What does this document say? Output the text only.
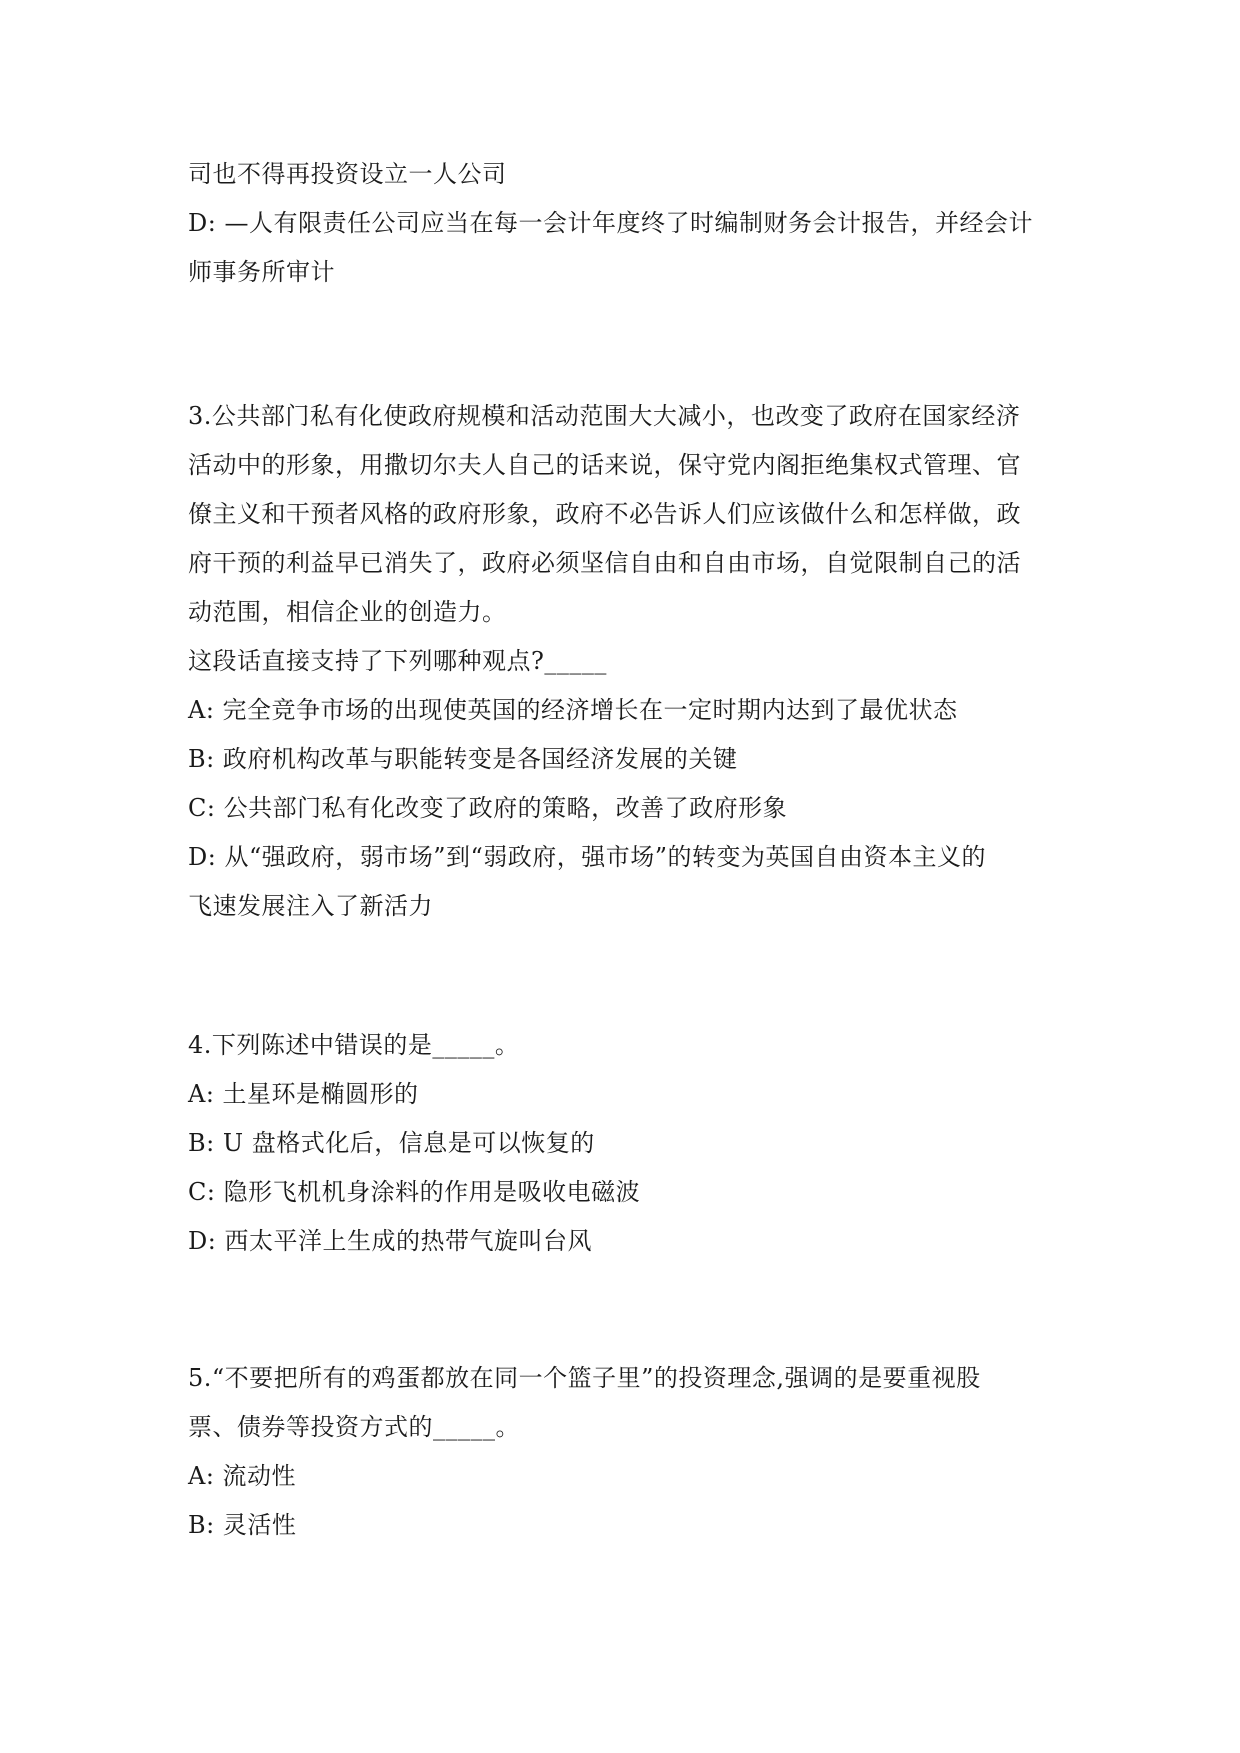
司也不得再投资设立一人公司
D: —人有限责任公司应当在每一会计年度终了时编制财务会计报告，并经会计
师事务所审计
3.公共部门私有化使政府规模和活动范围大大减小，也改变了政府在国家经济
活动中的形象，用撒切尔夫人自己的话来说，保守党内阁拒绝集权式管理、官
僚主义和干预者风格的政府形象，政府不必告诉人们应该做什么和怎样做，政
府干预的利益早已消失了，政府必须坚信自由和自由市场，自觉限制自己的活
动范围，相信企业的创造力。
这段话直接支持了下列哪种观点?_____
A: 完全竞争市场的出现使英国的经济增长在一定时期内达到了最优状态
B: 政府机构改革与职能转变是各国经济发展的关键
C: 公共部门私有化改变了政府的策略，改善了政府形象
D: 从“强政府，弱市场”到“弱政府，强市场”的转变为英国自由资本主义的
飞速发展注入了新活力
4.下列陈述中错误的是_____。
A: 土星环是椭圆形的
B: U 盘格式化后，信息是可以恢复的
C: 隐形飞机机身涂料的作用是吸收电磁波
D: 西太平洋上生成的热带气旋叫台风
5.“不要把所有的鸡蛋都放在同一个篮子里”的投资理念,强调的是要重视股
票、债券等投资方式的_____。
A: 流动性
B: 灵活性
